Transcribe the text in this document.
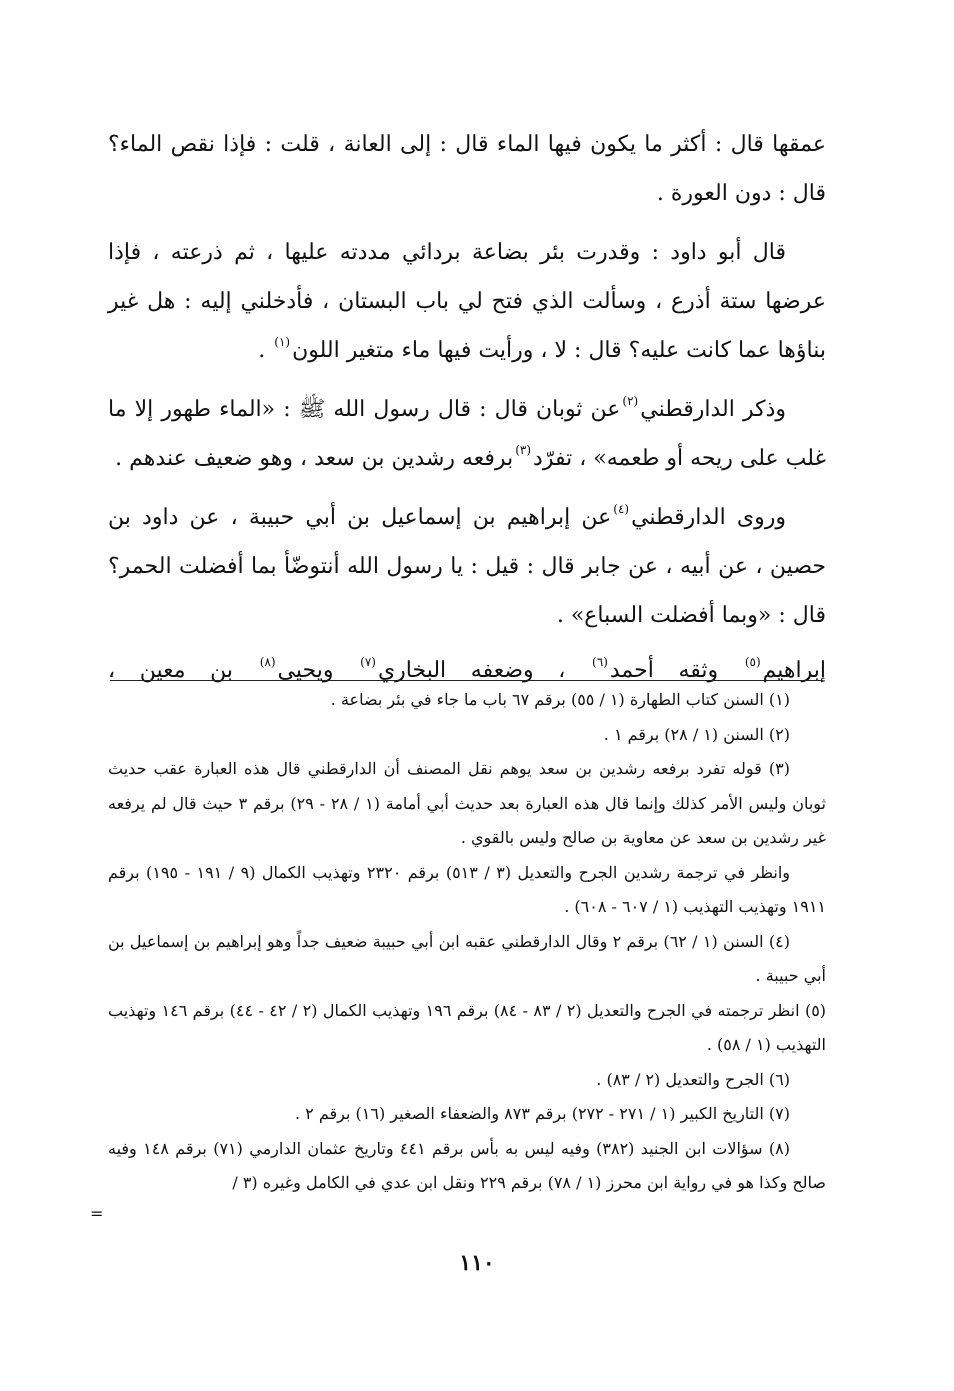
عمقها قال : أكثر ما يكون فيها الماء قال : إلى العانة ، قلت : فإذا نقص الماء؟ قال : دون العورة .

قال أبو داود : وقدرت بئر بضاعة بردائي مددته عليها ، ثم ذرعته ، فإذا عرضها ستة أذرع ، وسألت الذي فتح لي باب البستان ، فأدخلني إليه : هل غير بناؤها عما كانت عليه؟ قال : لا ، ورأيت فيها ماء متغير اللون$^{(١)}$ .

وذكر الدارقطني$^{(٢)}$عن ثوبان قال : قال رسول الله ﷺ : «الماء طهور إلا ما غلب على ريحه أو طعمه» ، تفرّد$^{(٣)}$برفعه رشدين بن سعد ، وهو ضعيف عندهم .

وروى الدارقطني$^{(٤)}$عن إبراهيم بن إسماعيل بن أبي حبيبة ، عن داود بن حصين ، عن أبيه ، عن جابر قال : قيل : يا رسول الله أنتوضّأ بما أفضلت الحمر؟ قال : «وبما أفضلت السباع» .

إبراهيم$^{(٥)}$ وثقه أحمد$^{(٦)}$ ، وضعفه البخاري$^{(٧)}$ ويحيى$^{(٨)}$ بن معين ،

(١) السنن كتاب الطهارة (١ / ٥٥) برقم ٦٧ باب ما جاء في بئر بضاعة .

(٢) السنن (١ / ٢٨) برقم ١ .

(٣) قوله تفرد برفعه رشدين بن سعد يوهم نقل المصنف أن الدارقطني قال هذه العبارة عقب حديث ثوبان وليس الأمر كذلك وإنما قال هذه العبارة بعد حديث أبي أمامة (١ / ٢٨ - ٢٩) برقم ٣ حيث قال لم يرفعه غير رشدين بن سعد عن معاوية بن صالح وليس بالقوي .

وانظر في ترجمة رشدين الجرح والتعديل (٣ / ٥١٣) برقم ٢٣٢٠ وتهذيب الكمال (٩ / ١٩١ - ١٩٥) برقم ١٩١١ وتهذيب التهذيب (١ / ٦٠٧ - ٦٠٨) .

(٤) السنن (١ / ٦٢) برقم ٢ وقال الدارقطني عقبه ابن أبي حبيبة ضعيف جداً وهو إبراهيم بن إسماعيل بن أبي حبيبة .

(٥) انظر ترجمته في الجرح والتعديل (٢ / ٨٣ - ٨٤) برقم ١٩٦ وتهذيب الكمال (٢ / ٤٢ - ٤٤) برقم ١٤٦ وتهذيب التهذيب (١ / ٥٨) .

(٦) الجرح والتعديل (٢ / ٨٣) .

(٧) التاريخ الكبير (١ / ٢٧١ - ٢٧٢) برقم ٨٧٣ والضعفاء الصغير (١٦) برقم ٢ .

(٨) سؤالات ابن الجنيد (٣٨٢) وفيه ليس به بأس برقم ٤٤١ وتاريخ عثمان الدارمي (٧١) برقم ١٤٨ وفيه صالح وكذا هو في رواية ابن محرز (١ / ٧٨) برقم ٢٢٩ ونقل ابن عدي في الكامل وغيره (٣ /

=
١١٠
